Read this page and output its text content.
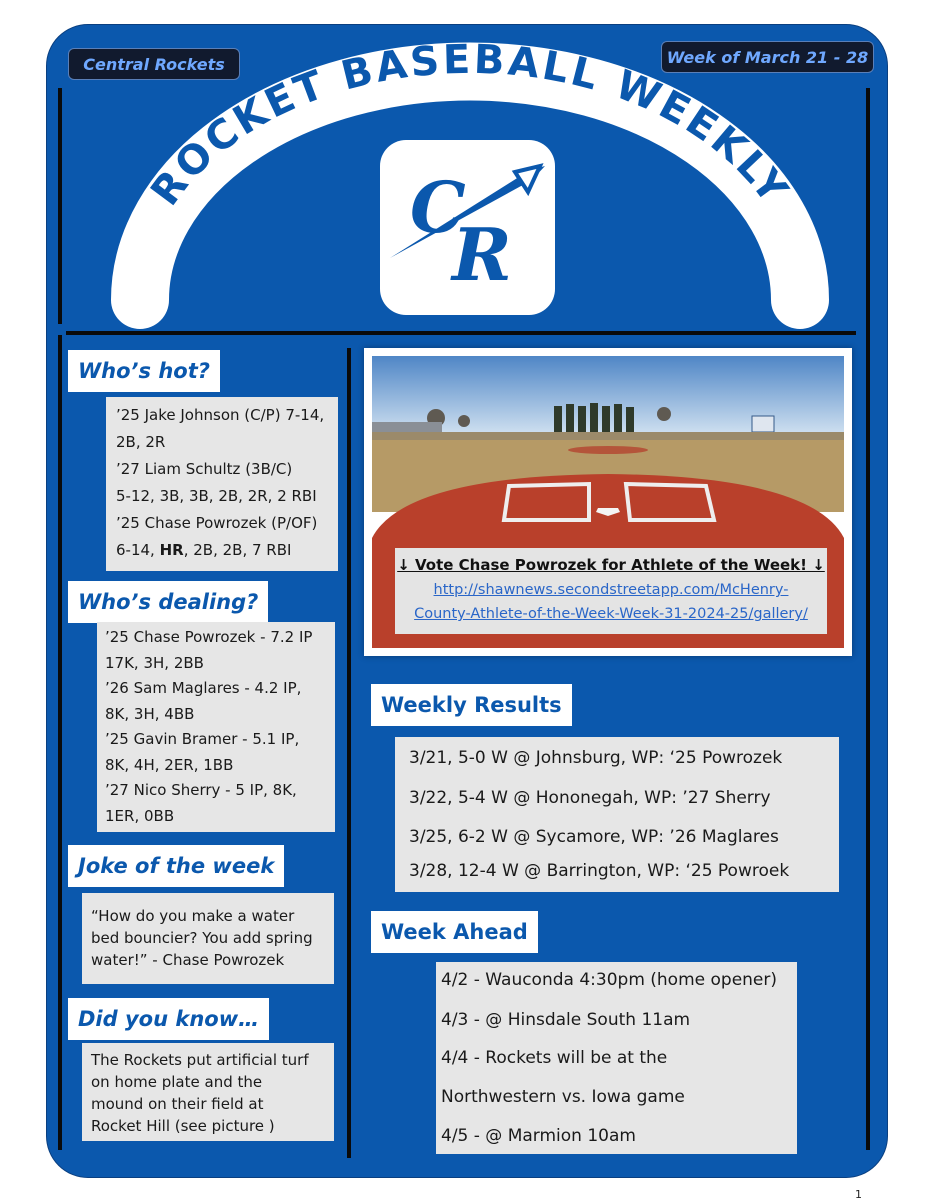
Central Rockets	Week of March 21 - 28
ROCKET BASEBALL WEEKLY
C
R
Who’s hot?

’25 Jake Johnson (C/P) 7-14,

2B, 2R

’27 Liam Schultz (3B/C)

5-12, 3B, 3B, 2B, 2R, 2 RBI

’25 Chase Powrozek (P/OF)

6-14, HR, 2B, 2B, 7 RBI

Who’s dealing?

’25 Chase Powrozek - 7.2 IP

17K, 3H, 2BB

’26 Sam Maglares - 4.2 IP,

8K, 3H, 4BB

’25 Gavin Bramer - 5.1 IP,

8K, 4H, 2ER, 1BB

’27 Nico Sherry - 5 IP, 8K,

1ER, 0BB

Joke of the week

“How do you make a water

bed bouncier? You add spring

water!” - Chase Powrozek

Did you know…

The Rockets put artificial turf

on home plate and the

mound on their field at

Rocket Hill (see picture )

↓ Vote Chase Powrozek for Athlete of the Week! ↓
http://shawnews.secondstreetapp.com/McHenry-
County-Athlete-of-the-Week-Week-31-2024-25/gallery/
Weekly Results
3/21, 5-0 W @ Johnsburg, WP: ‘25 Powrozek
3/22, 5-4 W @ Hononegah, WP: ’27 Sherry
3/25, 6-2 W @ Sycamore, WP: ’26 Maglares
3/28, 12-4 W @ Barrington, WP: ‘25 Powroek
Week Ahead
4/2 - Wauconda 4:30pm (home opener)
4/3 - @ Hinsdale South 11am
4/4 - Rockets will be at the
Northwestern vs. Iowa game
4/5 - @ Marmion 10am
1
